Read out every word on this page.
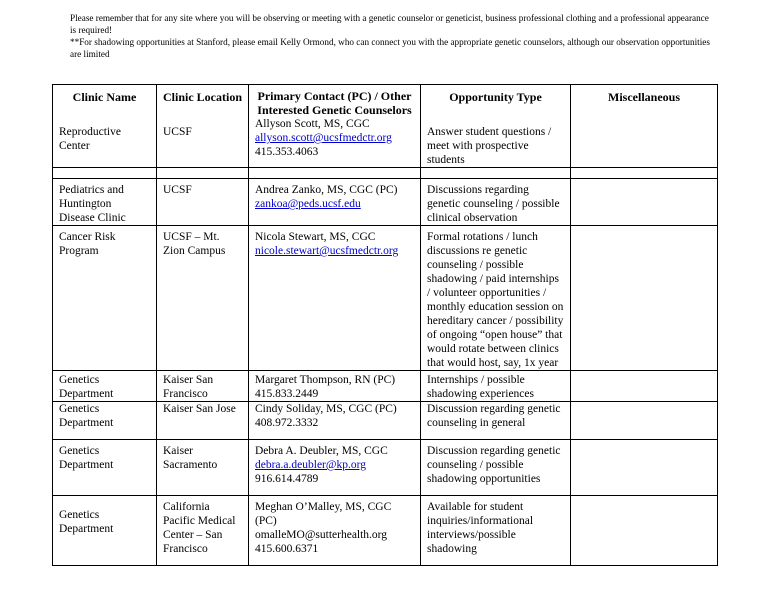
Please remember that for any site where you will be observing or meeting with a genetic counselor or geneticist, business professional clothing and a professional appearance is required!
**For shadowing opportunities at Stanford, please email Kelly Ormond, who can connect you with the appropriate genetic counselors, although our observation opportunities are limited
Clinic Name	Clinic Location	Primary Contact (PC) / Other Interested Genetic Counselors	Opportunity Type	Miscellaneous
Reproductive Center	UCSF	Allyson Scott, MS, CGC
allyson.scott@ucsfmedctr.org
415.353.4063	Answer student questions / meet with prospective students	

Pediatrics and Huntington Disease Clinic	UCSF	Andrea Zanko, MS, CGC (PC)
zankoa@peds.ucsf.edu	Discussions regarding genetic counseling / possible clinical observation	
Cancer Risk Program	UCSF – Mt. Zion Campus	Nicola Stewart, MS, CGC
nicole.stewart@ucsfmedctr.org	Formal rotations / lunch discussions re genetic counseling / possible shadowing / paid internships / volunteer opportunities / monthly education session on hereditary cancer / possibility of ongoing “open house” that would rotate between clinics that would host, say, 1x year	
Genetics Department	Kaiser San Francisco	Margaret Thompson, RN (PC)
415.833.2449	Internships / possible shadowing experiences	
Genetics Department	Kaiser San Jose	Cindy Soliday, MS, CGC (PC)
408.972.3332	Discussion regarding genetic counseling in general	
Genetics Department	Kaiser Sacramento	Debra A. Deubler, MS, CGC
debra.a.deubler@kp.org
916.614.4789	Discussion regarding genetic counseling / possible shadowing opportunities	
Genetics Department	California Pacific Medical Center – San Francisco	Meghan O’Malley, MS, CGC (PC)
omalleMO@sutterhealth.org
415.600.6371	Available for student inquiries/informational interviews/possible shadowing	
